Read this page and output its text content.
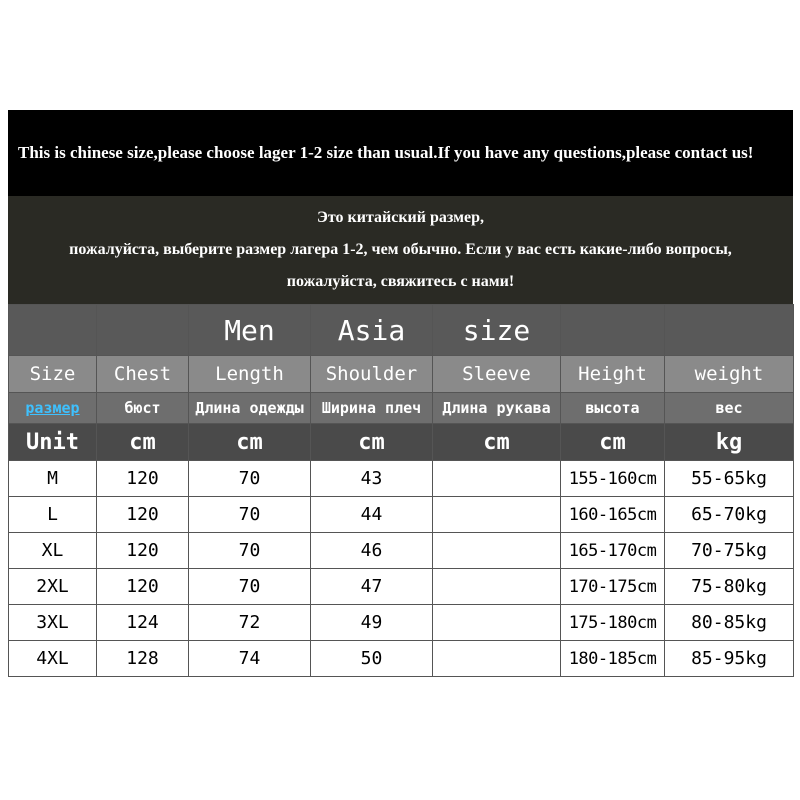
This is chinese size,please choose lager 1-2 size than usual.If you have any questions,please contact us!
Это китайский размер,
пожалуйста, выберите размер лагера 1-2, чем обычно. Если у вас есть какие-либо вопросы,
пожалуйста, свяжитесь с нами!
		Men	Asia	size		
Size	Chest	Length	Shoulder	Sleeve	Height	weight
размер	бюст	Длина одежды	Ширина плеч	Длина рукава	высота	вес
Unit	cm	cm	cm	cm	cm	kg
M	120	70	43		155-160cm	55-65kg
L	120	70	44		160-165cm	65-70kg
XL	120	70	46		165-170cm	70-75kg
2XL	120	70	47		170-175cm	75-80kg
3XL	124	72	49		175-180cm	80-85kg
4XL	128	74	50		180-185cm	85-95kg
